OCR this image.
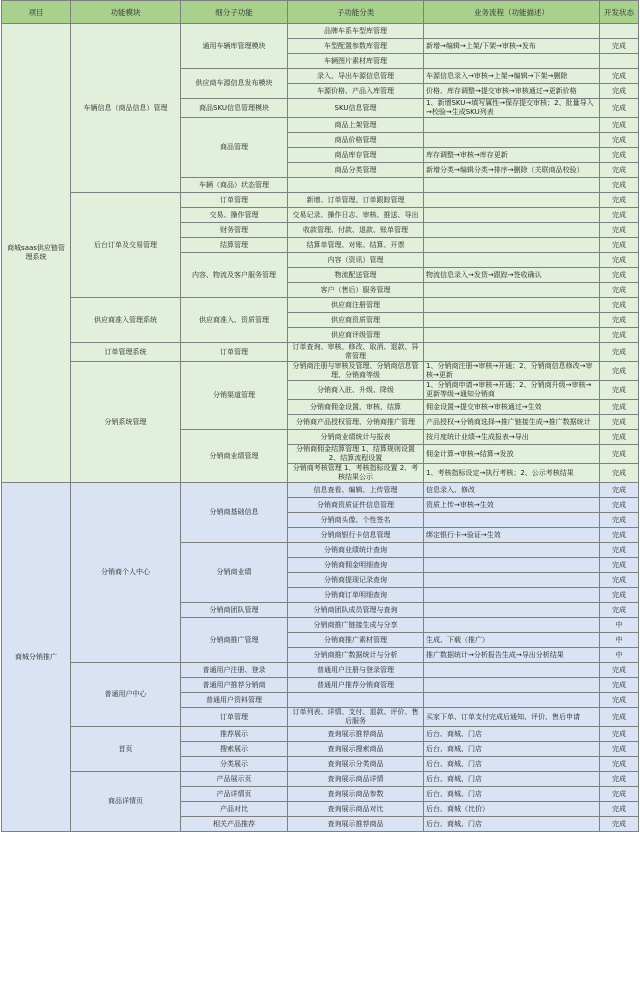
项目	功能模块	细分子功能	子功能分类	业务流程（功能描述）	开发状态
商城saas供应链管理系统	车辆信息（商品信息）管理	通用车辆库管理模块	品牌车系车型库管理		
			车型配置参数库管理	新增→编辑→上架/下架→审核→发布	完成
			车辆图片素材库管理		
		供应商车源信息发布模块	录入、导出车源信息管理	车源信息录入→审核→上架→编辑→下架→删除	完成
			车源价格、产品入库管理	价格、库存调整→提交审核→审核通过→更新价格	完成
		商品SKU信息管理模块	SKU信息管理	1、新增SKU→填写属性→保存提交审核；2、批量导入→校验→生成SKU列表	完成
		商品管理	商品上架管理		完成
			商品价格管理		完成
			商品库存管理	库存调整→审核→库存更新	完成
			商品分类管理	新增分类→编辑分类→排序→删除（关联商品校验）	完成
		车辆（商品）状态管理			完成
	后台订单及交易管理	订单管理	新增、订单管理、订单跟踪管理		完成
		交易、操作管理	交易记录、操作日志、审核、推送、导出		完成
		财务管理	收款管理、付款、退款、账单管理		完成
		结算管理	结算单管理、对账、结算、开票		完成
		内容、物流及客户服务管理	内容（资讯）管理		完成
			物流配送管理	物流信息录入→发货→跟踪→签收确认	完成
			客户（售后）服务管理		完成
	供应商准入管理系统	供应商准入、资质管理	供应商注册管理		完成
			供应商资质管理		完成
			供应商评级管理		完成
	订单管理系统	订单管理	订单查询、审核、修改、取消、退款、异常管理		完成
	分销系统管理	分销渠道管理	分销商注册与审核及管理、分销商信息管理、分销商等级	1、分销商注册→审核→开通；2、分销商信息修改→审核→更新	完成
			分销商入驻、升级、降级	1、分销商申请→审核→开通；2、分销商升级→审核→更新等级→通知分销商	完成
			分销商佣金设置、审核、结算	佣金设置→提交审核→审核通过→生效	完成
			分销商产品授权管理、分销商推广管理	产品授权→分销商选择→推广链接生成→推广数据统计	完成
		分销商业绩管理	分销商业绩统计与报表	按月度统计业绩→生成报表→导出	完成
			分销商佣金结算管理 1、结算规则设置 2、结算流程设置	佣金计算→审核→结算→发放	完成
			分销商考核管理 1、考核指标设置 2、考核结果公示	1、考核指标设定→执行考核；2、公示考核结果	完成
商城分销推广	分销商个人中心	分销商基础信息	信息查看、编辑、上传管理	信息录入、修改	完成
			分销商资质证件信息管理	资质上传→审核→生效	完成
			分销商头像、个性签名		完成
			分销商银行卡信息管理	绑定银行卡→验证→生效	完成
		分销商业绩	分销商业绩统计查询		完成
			分销商佣金明细查询		完成
			分销商提现记录查询		完成
			分销商订单明细查询		完成
		分销商团队管理	分销商团队成员管理与查询		完成
		分销商推广管理	分销商推广链接生成与分享		中
			分销商推广素材管理	生成、下载（推广）	中
			分销商推广数据统计与分析	推广数据统计→分析报告生成→导出分析结果	中
	普通用户中心	普通用户注册、登录	普通用户注册与登录管理		完成
		普通用户推荐分销商	普通用户推荐分销商管理		完成
		普通用户资料管理			完成
		订单管理	订单列表、详情、支付、退款、评价、售后服务	买家下单、订单支付完成后通知、评价、售后申请	完成
	首页	推荐展示	查询展示推荐商品	后台、商城、门店	完成
		搜索展示	查询展示搜索商品	后台、商城、门店	完成
		分类展示	查询展示分类商品	后台、商城、门店	完成
	商品详情页	产品展示页	查询展示商品详情	后台、商城、门店	完成
		产品详情页	查询展示商品参数	后台、商城、门店	完成
		产品对比	查询展示商品对比	后台、商城（比价）	完成
		相关产品推荐	查询展示推荐商品	后台、商城、门店	完成
